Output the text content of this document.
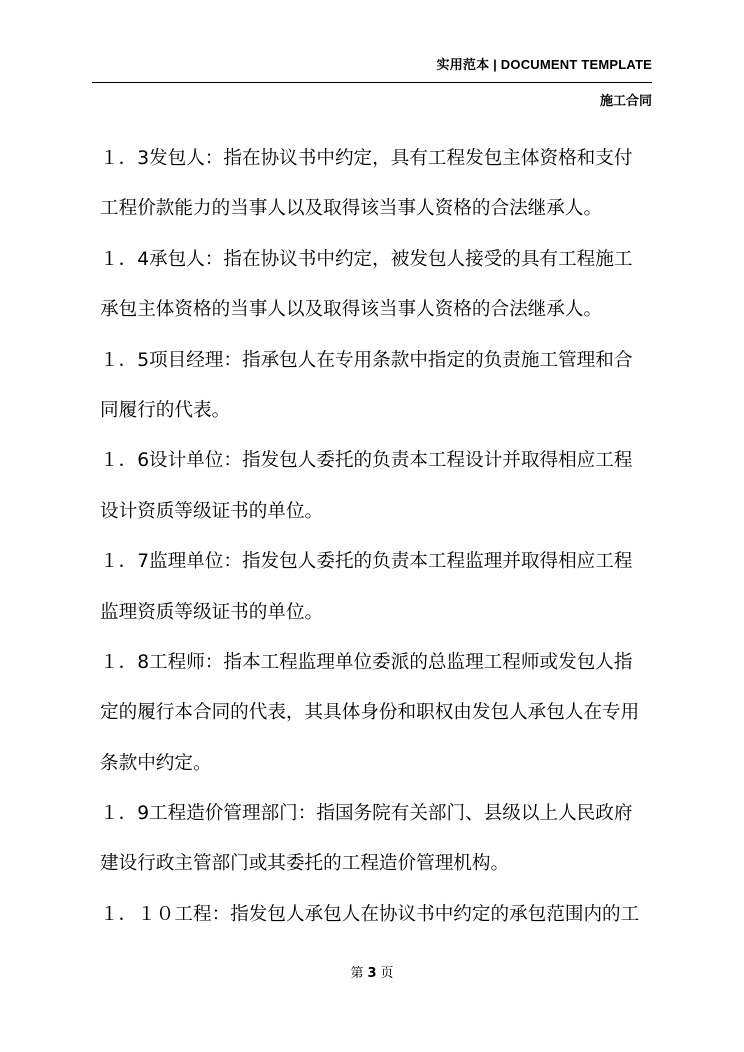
实用范本 | DOCUMENT TEMPLATE
施工合同
１．3发包人：指在协议书中约定，具有工程发包主体资格和支付
工程价款能力的当事人以及取得该当事人资格的合法继承人。
１．4承包人：指在协议书中约定，被发包人接受的具有工程施工
承包主体资格的当事人以及取得该当事人资格的合法继承人。
１．5项目经理：指承包人在专用条款中指定的负责施工管理和合
同履行的代表。
１．6设计单位：指发包人委托的负责本工程设计并取得相应工程
设计资质等级证书的单位。
１．7监理单位：指发包人委托的负责本工程监理并取得相应工程
监理资质等级证书的单位。
１．8工程师：指本工程监理单位委派的总监理工程师或发包人指
定的履行本合同的代表，其具体身份和职权由发包人承包人在专用
条款中约定。
１．9工程造价管理部门：指国务院有关部门、县级以上人民政府
建设行政主管部门或其委托的工程造价管理机构。
１．１０工程：指发包人承包人在协议书中约定的承包范围内的工
第 3 页
